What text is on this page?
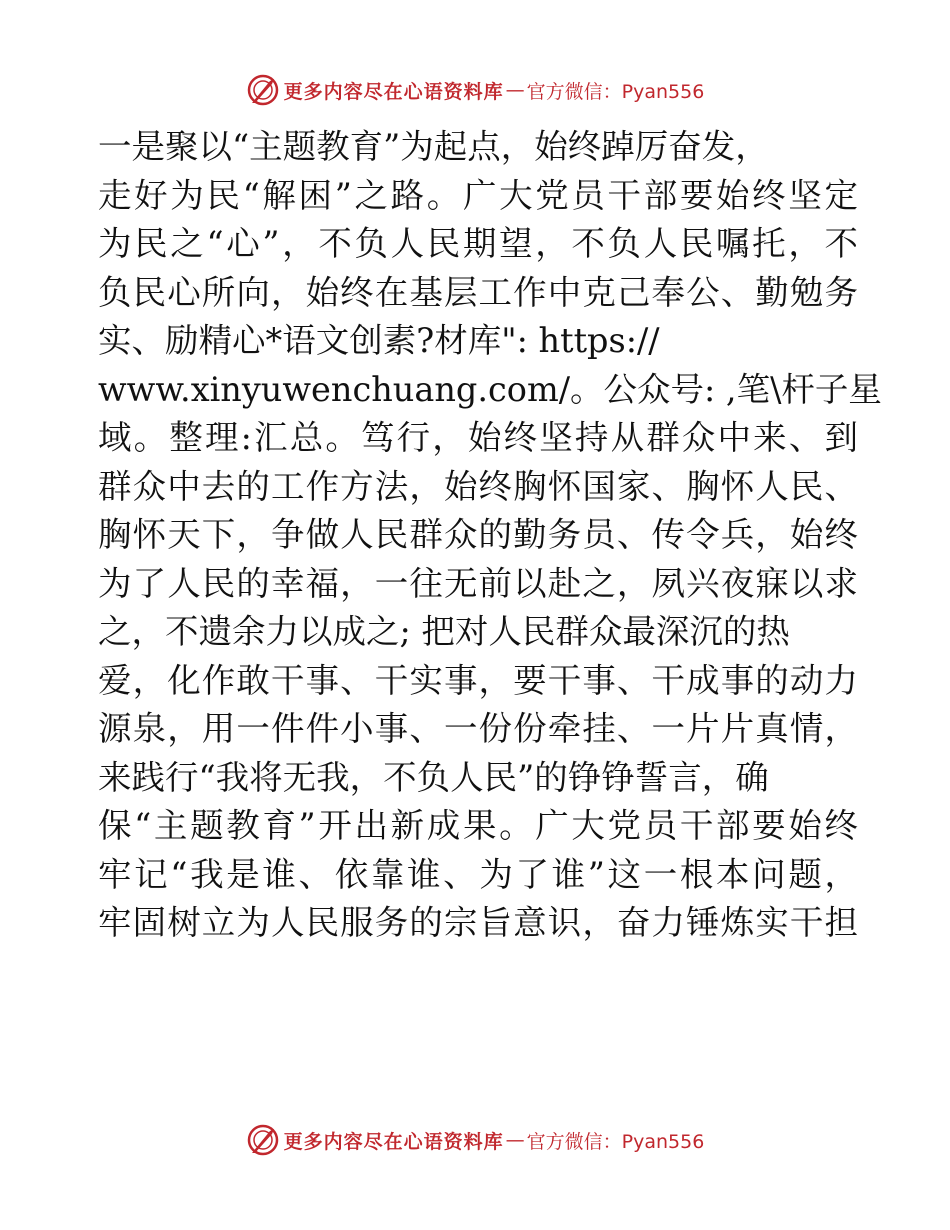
更多内容尽在心语资料库 — 官方微信：Pyan556
一是聚以“主题教育”为起点，始终踔厉奋发，
走好为民“解困”之路。广大党员干部要始终坚定
为民之“心”，不负人民期望，不负人民嘱托，不
负民心所向，始终在基层工作中克己奉公、勤勉务
实、励精心*语文创素?材库": https://
www.xinyuwenchuang.com/。公众号: ,笔\杆子星
域。整理:汇总。笃行，始终坚持从群众中来、到
群众中去的工作方法，始终胸怀国家、胸怀人民、
胸怀天下，争做人民群众的勤务员、传令兵，始终
为了人民的幸福，一往无前以赴之，夙兴夜寐以求
之，不遗余力以成之; 把对人民群众最深沉的热
爱，化作敢干事、干实事，要干事、干成事的动力
源泉，用一件件小事、一份份牵挂、一片片真情，
来践行“我将无我，不负人民”的铮铮誓言，确
保“主题教育”开出新成果。广大党员干部要始终
牢记“我是谁、依靠谁、为了谁”这一根本问题，
牢固树立为人民服务的宗旨意识，奋力锤炼实干担
更多内容尽在心语资料库 — 官方微信：Pyan556
